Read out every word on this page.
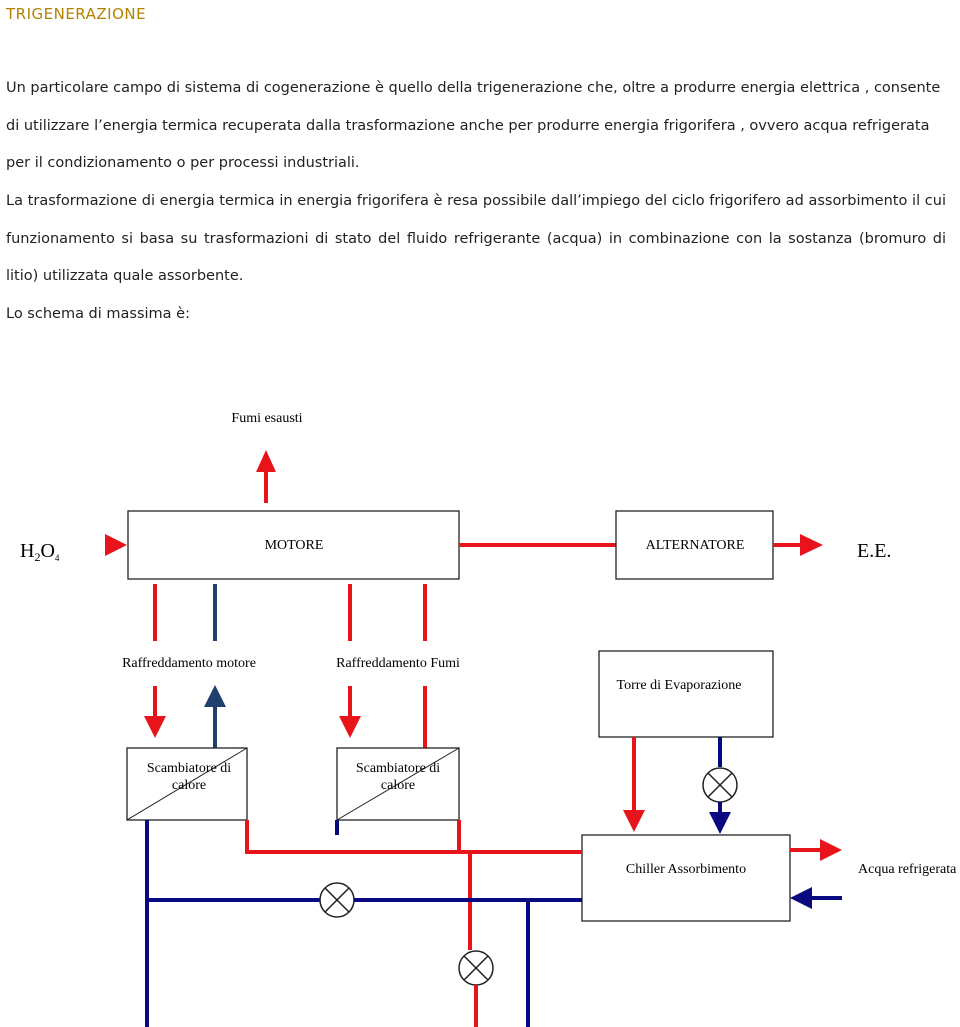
TRIGENERAZIONE
Un particolare campo di sistema di cogenerazione è quello della trigenerazione che, oltre a produrre energia elettrica , consente di utilizzare l’energia termica recuperata dalla trasformazione anche per produrre energia frigorifera , ovvero acqua refrigerata per il condizionamento o per processi industriali.
La trasformazione di energia termica in energia frigorifera è resa possibile dall’impiego del ciclo frigorifero ad assorbimento il cui funzionamento si basa su trasformazioni di stato del fluido refrigerante (acqua) in combinazione con la sostanza (bromuro di litio) utilizzata quale assorbente.
Lo schema di massima è:
Fumi esausti
$H_2O_4$
MOTORE	ALTERNATORE	E.E.
Raffreddamento motore	Raffreddamento Fumi
Torre di Evaporazione
Scambiatore di
calore
Scambiatore di
calore
Chiller Assorbimento	Acqua refrigerata
